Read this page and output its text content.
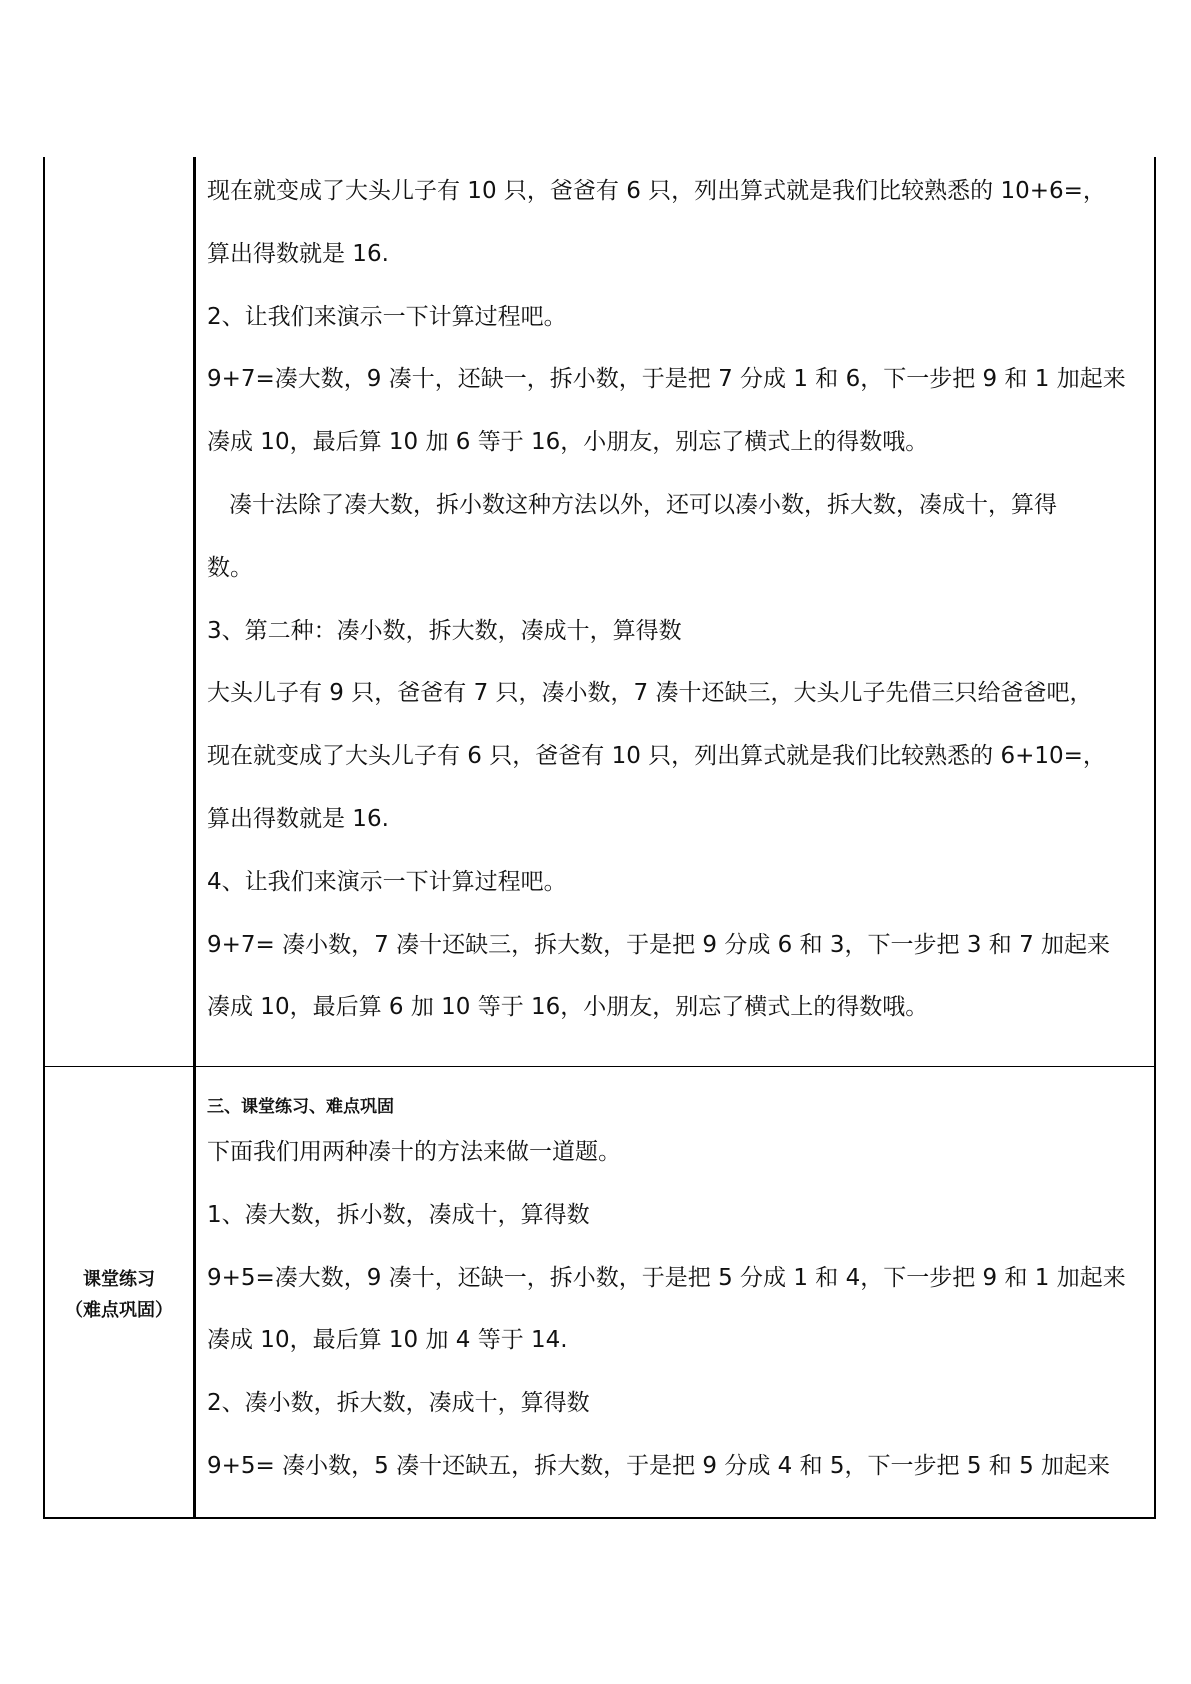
现在就变成了大头儿子有 10 只，爸爸有 6 只，列出算式就是我们比较熟悉的 10+6=，
算出得数就是 16.
2、让我们来演示一下计算过程吧。
9+7=凑大数，9 凑十，还缺一，拆小数，于是把 7 分成 1 和 6，下一步把 9 和 1 加起来
凑成 10，最后算 10 加 6 等于 16，小朋友，别忘了横式上的得数哦。
凑十法除了凑大数，拆小数这种方法以外，还可以凑小数，拆大数，凑成十，算得
数。
3、第二种：凑小数，拆大数，凑成十，算得数
大头儿子有 9 只，爸爸有 7 只，凑小数，7 凑十还缺三，大头儿子先借三只给爸爸吧，
现在就变成了大头儿子有 6 只，爸爸有 10 只，列出算式就是我们比较熟悉的 6+10=，
算出得数就是 16.
4、让我们来演示一下计算过程吧。
9+7= 凑小数，7 凑十还缺三，拆大数，于是把 9 分成 6 和 3，下一步把 3 和 7 加起来
凑成 10，最后算 6 加 10 等于 16，小朋友，别忘了横式上的得数哦。
课堂练习
（难点巩固）
三、课堂练习、难点巩固
下面我们用两种凑十的方法来做一道题。
1、凑大数，拆小数，凑成十，算得数
9+5=凑大数，9 凑十，还缺一，拆小数，于是把 5 分成 1 和 4，下一步把 9 和 1 加起来
凑成 10，最后算 10 加 4 等于 14.
2、凑小数，拆大数，凑成十，算得数
9+5= 凑小数，5 凑十还缺五，拆大数，于是把 9 分成 4 和 5，下一步把 5 和 5 加起来
